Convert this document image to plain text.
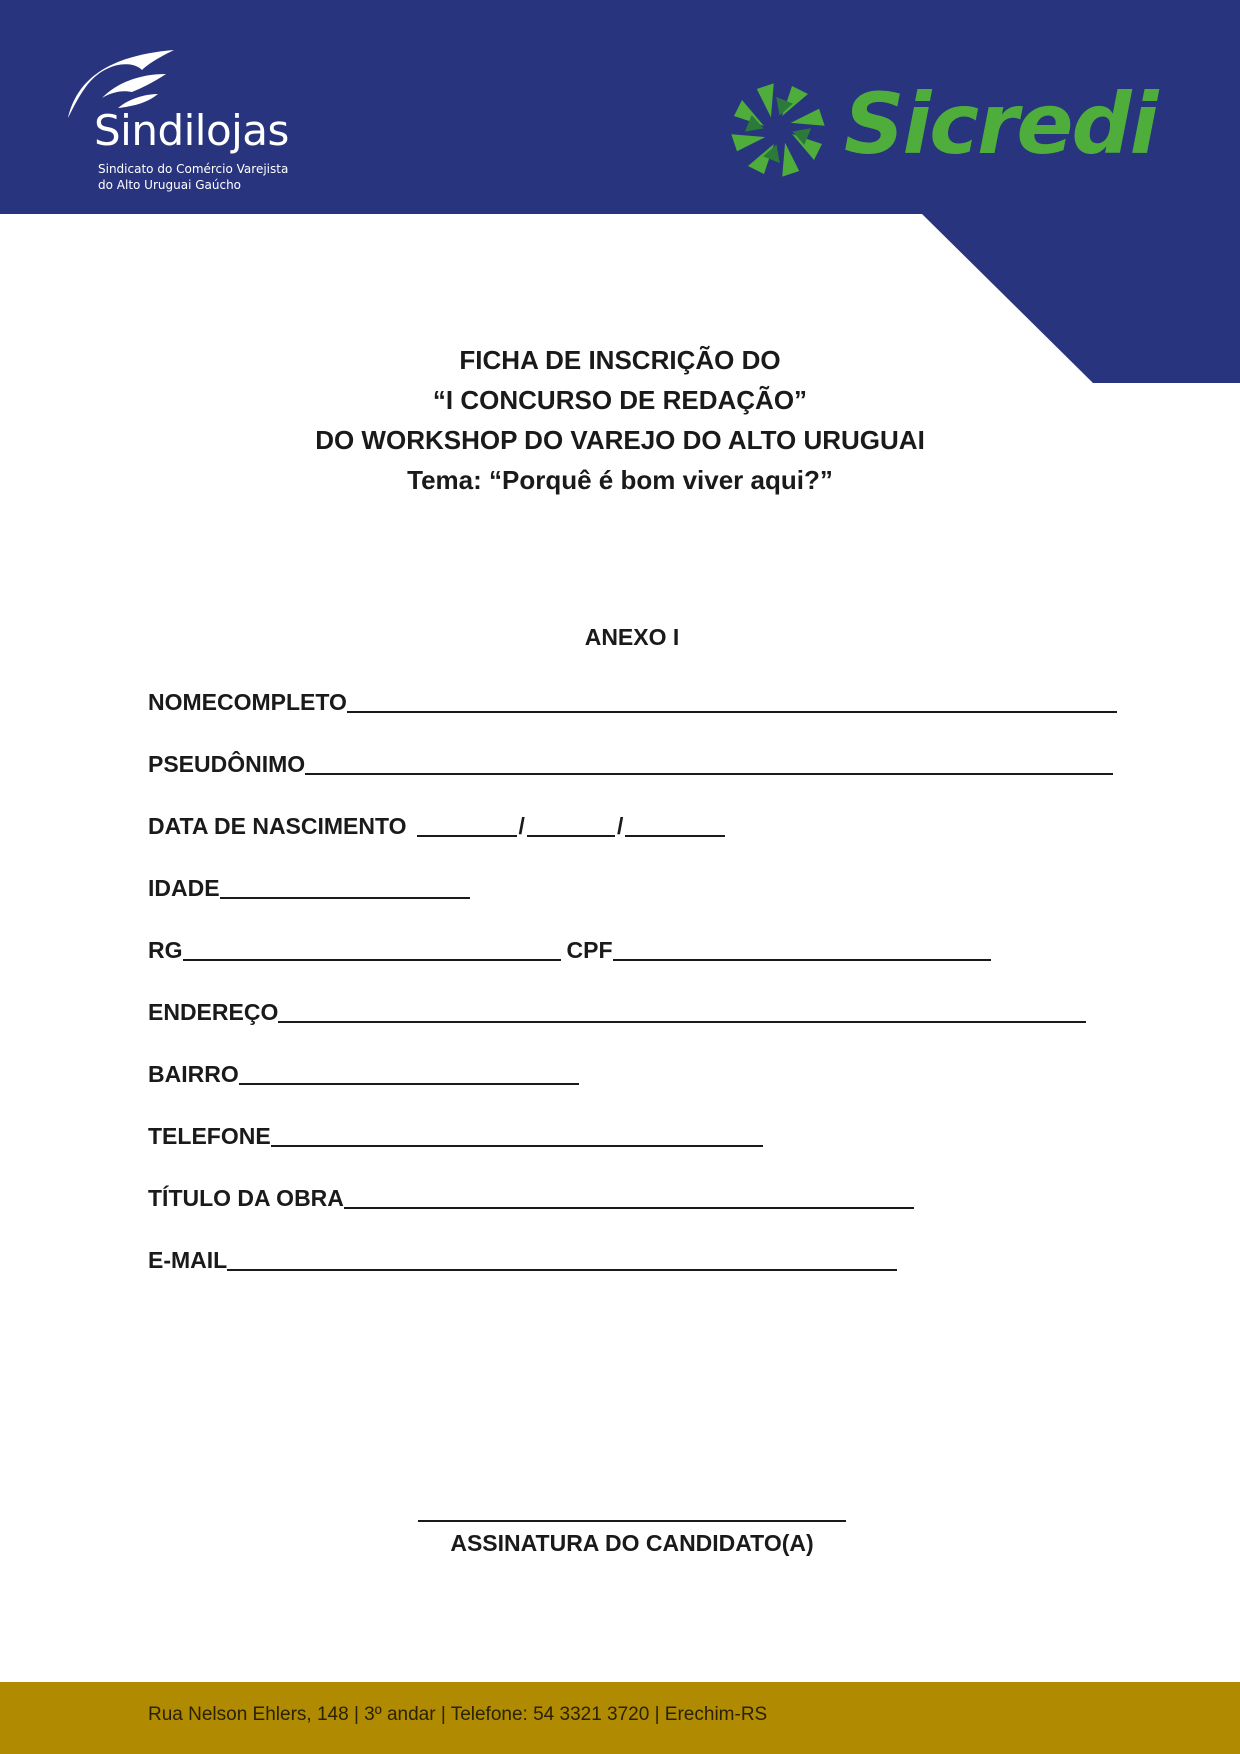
Sindilojas
Sindicato do Comércio Varejista
do Alto Uruguai Gaúcho
Sicredi
FICHA DE INSCRIÇÃO DO
“I CONCURSO DE REDAÇÃO”
DO WORKSHOP DO VAREJO DO ALTO URUGUAI
Tema: “Porquê é bom viver aqui?”
ANEXO I
NOMECOMPLETO
PSEUDÔNIMO
DATA DE NASCIMENTO	/	/
IDADE
RG	CPF
ENDEREÇO
BAIRRO
TELEFONE
TÍTULO DA OBRA
E-MAIL
ASSINATURA DO CANDIDATO(A)
Rua Nelson Ehlers, 148 | 3º andar | Telefone: 54 3321 3720 | Erechim-RS
